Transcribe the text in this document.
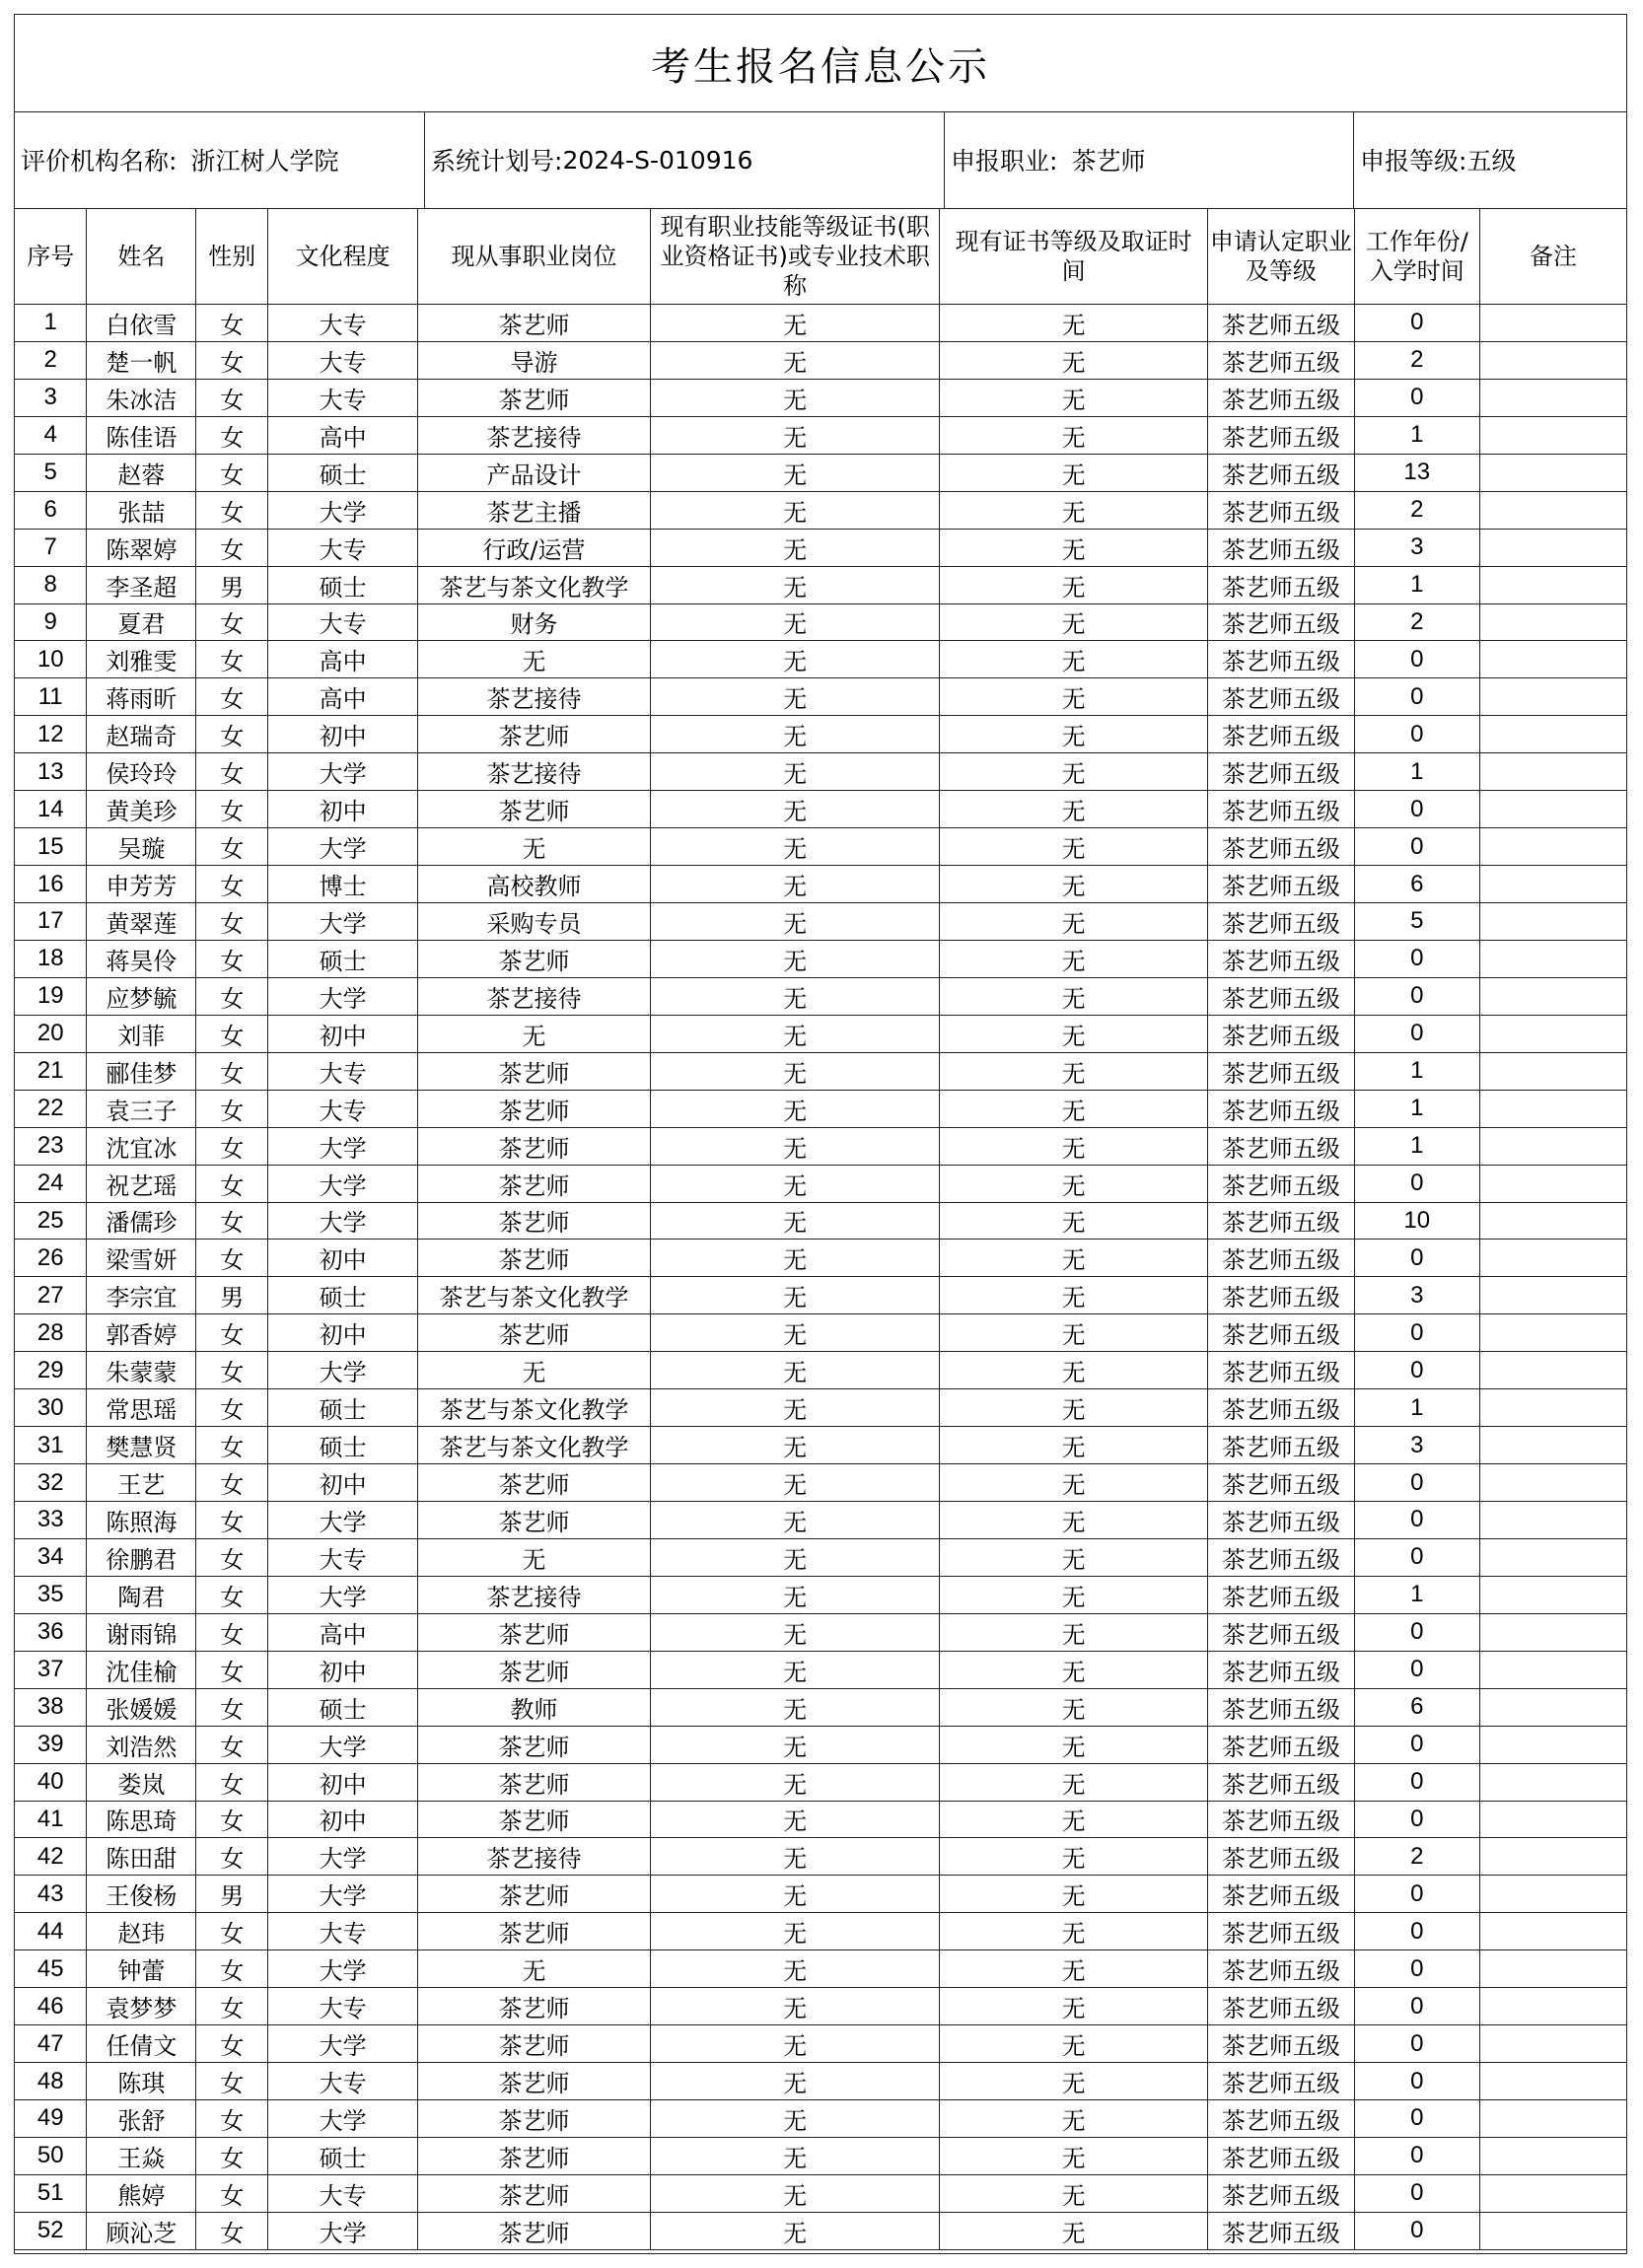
考生报名信息公示
评价机构名称: 浙江树人学院	系统计划号: 2024-S-010916	申报职业: 茶艺师	申报等级: 五级
序号	姓名	性别	文化程度	现从事职业岗位	现有职业技能等级证书(职业资格证书)或专业技术职称	现有证书等级及取证时间	申请认定职业及等级	工作年份/入学时间	备注
1	白依雪	女	大专	茶艺师	无	无	茶艺师五级	0	
2	楚一帆	女	大专	导游	无	无	茶艺师五级	2	
3	朱冰洁	女	大专	茶艺师	无	无	茶艺师五级	0	
4	陈佳语	女	高中	茶艺接待	无	无	茶艺师五级	1	
5	赵蓉	女	硕士	产品设计	无	无	茶艺师五级	13	
6	张喆	女	大学	茶艺主播	无	无	茶艺师五级	2	
7	陈翠婷	女	大专	行政/运营	无	无	茶艺师五级	3	
8	李圣超	男	硕士	茶艺与茶文化教学	无	无	茶艺师五级	1	
9	夏君	女	大专	财务	无	无	茶艺师五级	2	
10	刘雅雯	女	高中	无	无	无	茶艺师五级	0	
11	蒋雨昕	女	高中	茶艺接待	无	无	茶艺师五级	0	
12	赵瑞奇	女	初中	茶艺师	无	无	茶艺师五级	0	
13	侯玲玲	女	大学	茶艺接待	无	无	茶艺师五级	1	
14	黄美珍	女	初中	茶艺师	无	无	茶艺师五级	0	
15	吴璇	女	大学	无	无	无	茶艺师五级	0	
16	申芳芳	女	博士	高校教师	无	无	茶艺师五级	6	
17	黄翠莲	女	大学	采购专员	无	无	茶艺师五级	5	
18	蒋昊伶	女	硕士	茶艺师	无	无	茶艺师五级	0	
19	应梦毓	女	大学	茶艺接待	无	无	茶艺师五级	0	
20	刘菲	女	初中	无	无	无	茶艺师五级	0	
21	郦佳梦	女	大专	茶艺师	无	无	茶艺师五级	1	
22	袁三子	女	大专	茶艺师	无	无	茶艺师五级	1	
23	沈宜冰	女	大学	茶艺师	无	无	茶艺师五级	1	
24	祝艺瑶	女	大学	茶艺师	无	无	茶艺师五级	0	
25	潘儒珍	女	大学	茶艺师	无	无	茶艺师五级	10	
26	梁雪妍	女	初中	茶艺师	无	无	茶艺师五级	0	
27	李宗宜	男	硕士	茶艺与茶文化教学	无	无	茶艺师五级	3	
28	郭香婷	女	初中	茶艺师	无	无	茶艺师五级	0	
29	朱蒙蒙	女	大学	无	无	无	茶艺师五级	0	
30	常思瑶	女	硕士	茶艺与茶文化教学	无	无	茶艺师五级	1	
31	樊慧贤	女	硕士	茶艺与茶文化教学	无	无	茶艺师五级	3	
32	王艺	女	初中	茶艺师	无	无	茶艺师五级	0	
33	陈照海	女	大学	茶艺师	无	无	茶艺师五级	0	
34	徐鹏君	女	大专	无	无	无	茶艺师五级	0	
35	陶君	女	大学	茶艺接待	无	无	茶艺师五级	1	
36	谢雨锦	女	高中	茶艺师	无	无	茶艺师五级	0	
37	沈佳榆	女	初中	茶艺师	无	无	茶艺师五级	0	
38	张媛媛	女	硕士	教师	无	无	茶艺师五级	6	
39	刘浩然	女	大学	茶艺师	无	无	茶艺师五级	0	
40	娄岚	女	初中	茶艺师	无	无	茶艺师五级	0	
41	陈思琦	女	初中	茶艺师	无	无	茶艺师五级	0	
42	陈田甜	女	大学	茶艺接待	无	无	茶艺师五级	2	
43	王俊杨	男	大学	茶艺师	无	无	茶艺师五级	0	
44	赵玮	女	大专	茶艺师	无	无	茶艺师五级	0	
45	钟蕾	女	大学	无	无	无	茶艺师五级	0	
46	袁梦梦	女	大专	茶艺师	无	无	茶艺师五级	0	
47	任倩文	女	大学	茶艺师	无	无	茶艺师五级	0	
48	陈琪	女	大专	茶艺师	无	无	茶艺师五级	0	
49	张舒	女	大学	茶艺师	无	无	茶艺师五级	0	
50	王焱	女	硕士	茶艺师	无	无	茶艺师五级	0	
51	熊婷	女	大专	茶艺师	无	无	茶艺师五级	0	
52	顾沁芝	女	大学	茶艺师	无	无	茶艺师五级	0	
